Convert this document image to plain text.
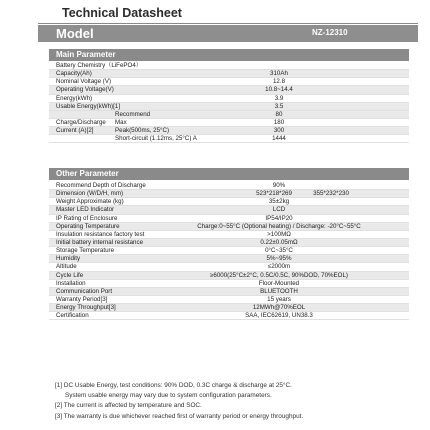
Technical Datasheet
Model	NZ-12310
Main Parameter
Battery Chemistry（LiFePO4）
Capacity(Ah)	310Ah
Nominal Voltage (V)	12.8
Operating Voltage(V)	10.8~14.4
Energy(kWh)	3.9
Usable Energy(kWh)[1]	3.5
Recommend	80
Max	180
Peak(500ms, 25°C)	300
Short-circuit (1.12ms, 25°C) A	1444
Charge/Discharge
Current (A)[2]
Other Parameter
Recommend Depth of Discharge	90%
Dimension (W/D/H, mm)	523*218*269	355*232*230
Weight Approximate (kg)	35±2kg
Master LED Indicator	LCD
IP Rating of Enclosure	IP54/IP20
Operating Temperature	Charge:0~55°C (Optional heating) / Discharge: -20°C~55°C
Insulation resistance factory test	>100MΩ
Initial battery internal resistance	0.22±0.05mΩ
Storage Temperature	0°C~35°C
Humidity	5%~95%
Altitude	≤2000m
Cycle Life	≥6000(25°C±2°C, 0.5C/0.5C, 90%DOD, 70%EOL)
Installation	Floor-Mounted
Communication Port	BLUETOOTH
Warranty Period[3]	15 years
Energy Throughput[3]	12MWh@70%EOL
Certification	SAA, IEC62619, UN38.3
[1] DC Usable Energy, test conditions: 90% DOD, 0.3C charge & discharge at 25°C.
System usable energy may vary due to system configuration parameters.
[2] The current is affected by temperature and SOC.
[3] The warranty is due whichever reached first of warranty period or energy throughput.
